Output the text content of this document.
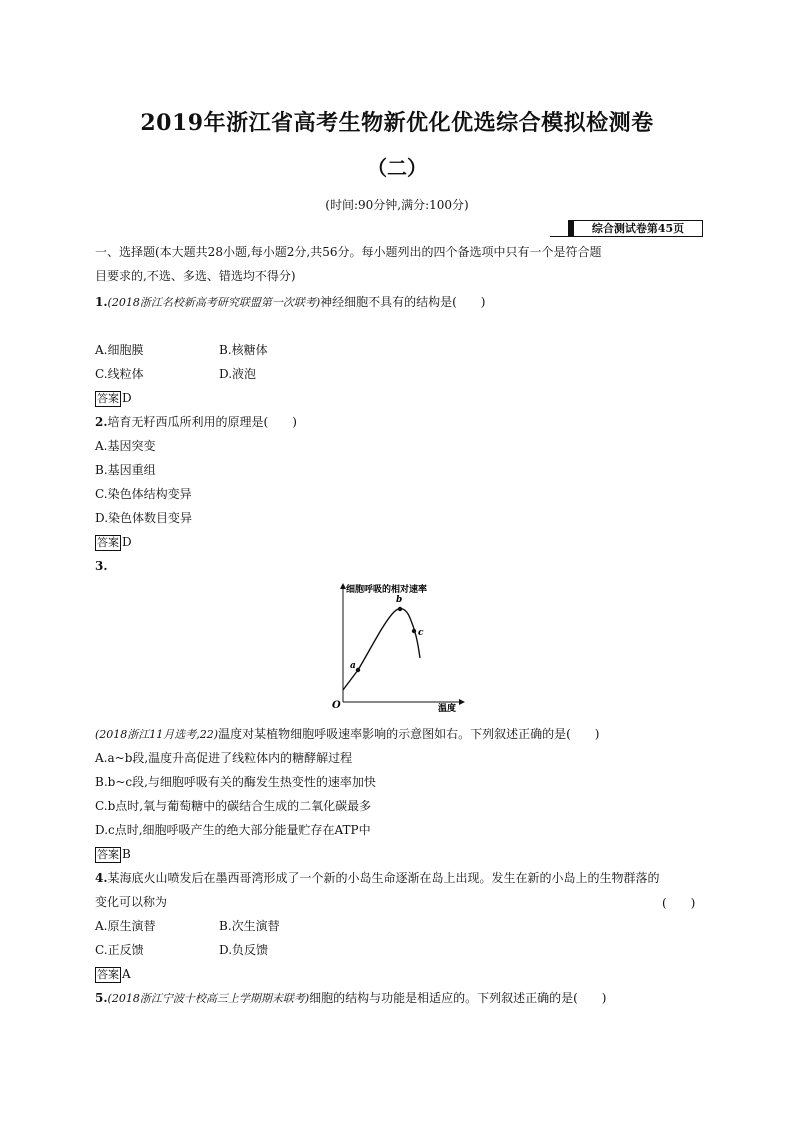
2019年浙江省高考生物新优化优选综合模拟检测卷
（二）
(时间:90分钟,满分:100分)
综合测试卷第45页
一、选择题(本大题共28小题,每小题2分,共56分。每小题列出的四个备选项中只有一个是符合题
目要求的,不选、多选、错选均不得分)
1.(2018浙江名校新高考研究联盟第一次联考)神经细胞不具有的结构是(　　)
A.细胞膜	B.核糖体
C.线粒体	D.液泡
答案 D
2.培育无籽西瓜所利用的原理是(　　)
A.基因突变
B.基因重组
C.染色体结构变异
D.染色体数目变异
答案 D
3.
细胞呼吸的相对速率
温度
O
a
b
c
(2018浙江11月选考,22)温度对某植物细胞呼吸速率影响的示意图如右。下列叙述正确的是(　　)
A.a~b段,温度升高促进了线粒体内的糖酵解过程
B.b~c段,与细胞呼吸有关的酶发生热变性的速率加快
C.b点时,氧与葡萄糖中的碳结合生成的二氧化碳最多
D.c点时,细胞呼吸产生的绝大部分能量贮存在ATP中
答案 B
4.某海底火山喷发后在墨西哥湾形成了一个新的小岛生命逐渐在岛上出现。发生在新的小岛上的生物群落的
变化可以称为	(　　)
A.原生演替	B.次生演替
C.正反馈	D.负反馈
答案 A
5.(2018浙江宁波十校高三上学期期末联考)细胞的结构与功能是相适应的。下列叙述正确的是(　　)
